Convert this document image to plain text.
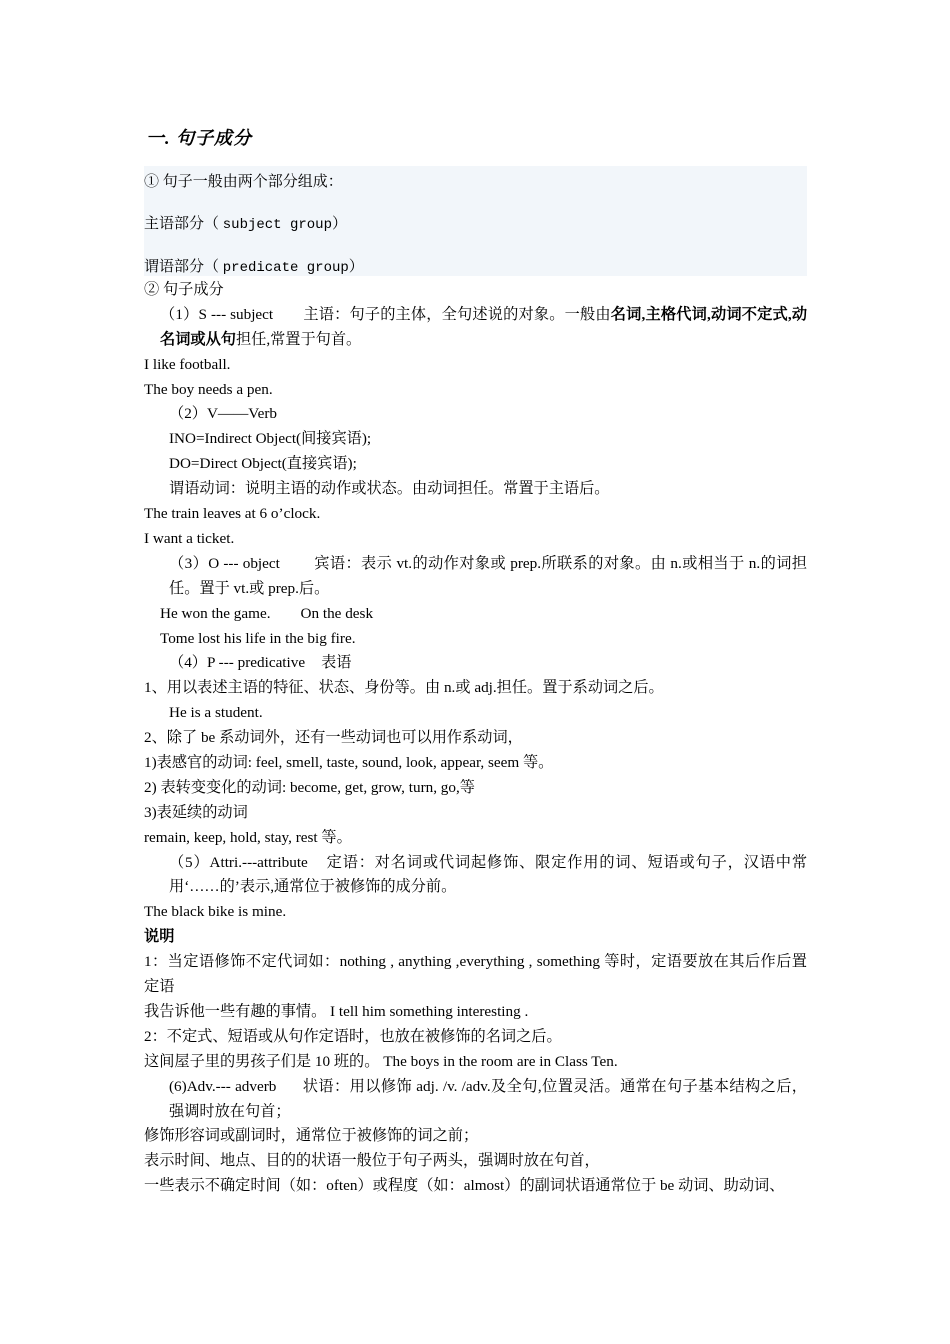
一. 句子成分
① 句子一般由两个部分组成：
主语部分（ subject group）
谓语部分（ predicate group）
② 句子成分
（1）S --- subject 主语：句子的主体，全句述说的对象。一般由名词,主格代词,动词不定式,动名词或从句担任,常置于句首。
I like football.
The boy needs a pen.
（2）V——Verb
INO=Indirect Object(间接宾语);
DO=Direct Object(直接宾语);
谓语动词：说明主语的动作或状态。由动词担任。常置于主语后。
The train leaves at 6 o’clock.
I want a ticket.
（3）O --- object 宾语：表示 vt.的动作对象或 prep.所联系的对象。由 n.或相当于 n.的词担任。置于 vt.或 prep.后。
He won the game. On the desk
Tome lost his life in the big fire.
（4）P --- predicative 表语
1、用以表述主语的特征、状态、身份等。由 n.或 adj.担任。置于系动词之后。
He is a student.
2、除了 be 系动词外，还有一些动词也可以用作系动词，
1)表感官的动词: feel, smell, taste, sound, look, appear, seem 等。
2) 表转变变化的动词: become, get, grow, turn, go,等
3)表延续的动词
remain, keep, hold, stay, rest 等。
（5）Attri.---attribute 定语：对名词或代词起修饰、限定作用的词、短语或句子，汉语中常用‘……的’表示,通常位于被修饰的成分前。
The black bike is mine.
说明
1：当定语修饰不定代词如：nothing , anything ,everything , something 等时，定语要放在其后作后置定语
我告诉他一些有趣的事情。 I tell him something interesting .
2：不定式、短语或从句作定语时，也放在被修饰的名词之后。
这间屋子里的男孩子们是 10 班的。 The boys in the room are in Class Ten.
(6)Adv.--- adverb 状语：用以修饰 adj. /v. /adv.及全句,位置灵活。通常在句子基本结构之后，强调时放在句首；
修饰形容词或副词时，通常位于被修饰的词之前；
表示时间、地点、目的的状语一般位于句子两头，强调时放在句首，
一些表示不确定时间（如：often）或程度（如：almost）的副词状语通常位于 be 动词、助动词、
